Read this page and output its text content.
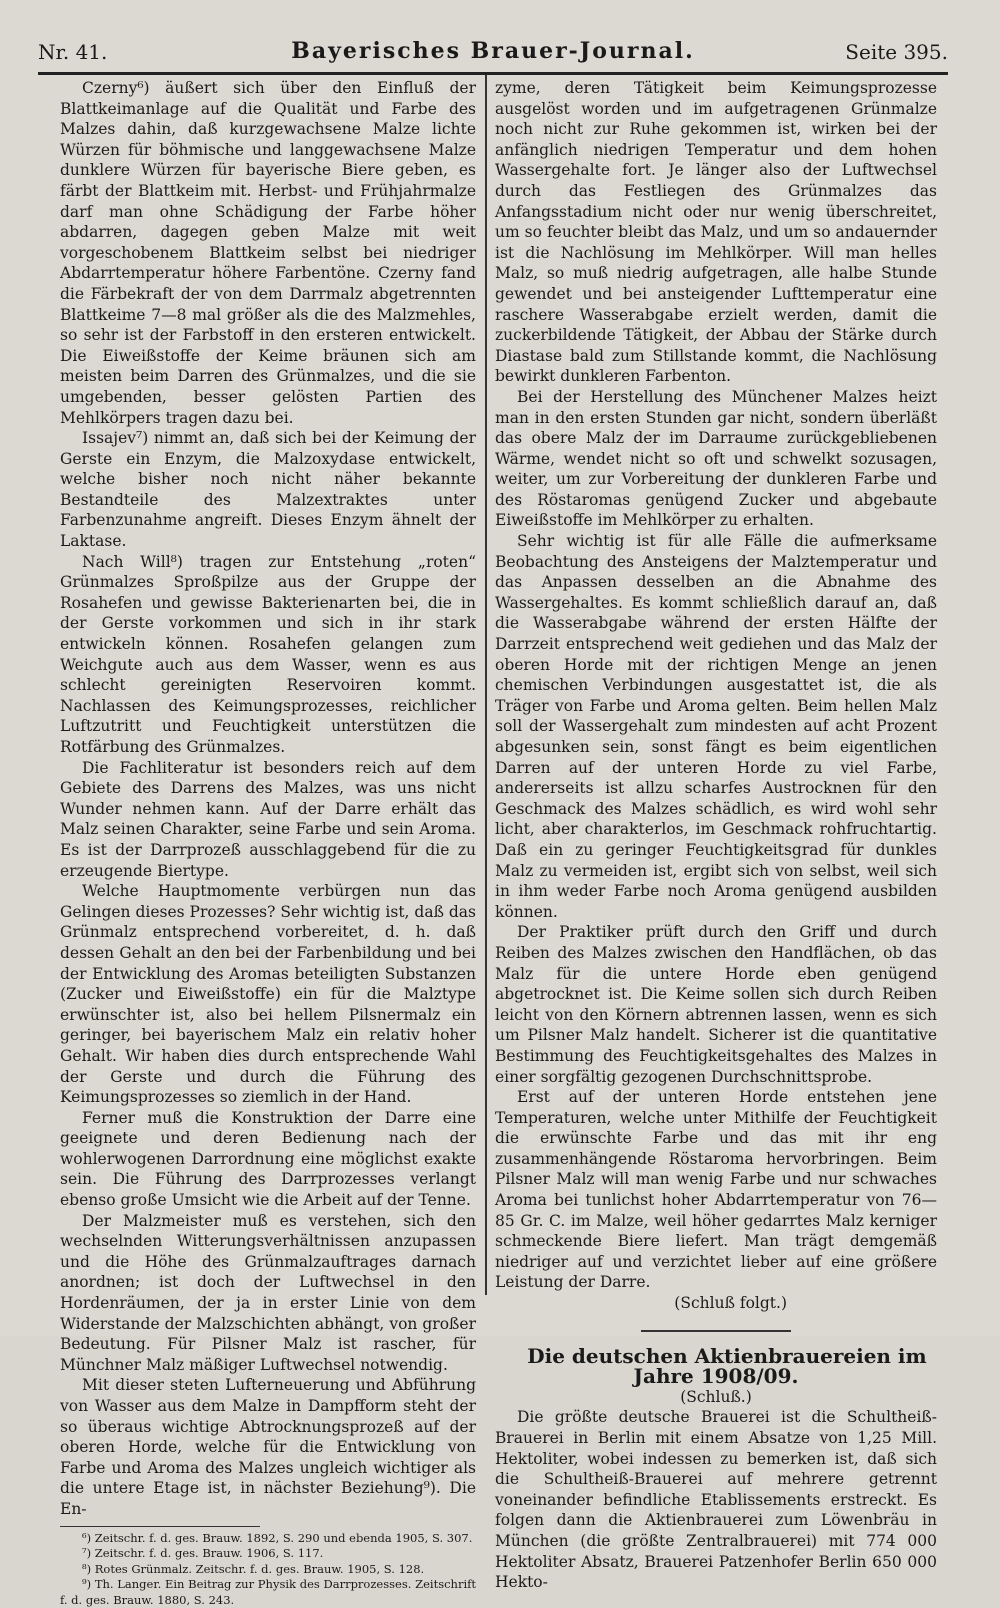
Nr. 41.	Bayerisches Brauer-Journal.	Seite 395.

Czerny⁶) äußert sich über den Einfluß der Blattkeimanlage auf die Qualität und Farbe des Malzes dahin, daß kurzgewachsene Malze lichte Würzen für böhmische und langgewachsene Malze dunklere Würzen für bayerische Biere geben, es färbt der Blattkeim mit. Herbst- und Frühjahrmalze darf man ohne Schädigung der Farbe höher abdarren, dagegen geben Malze mit weit vorgeschobenem Blattkeim selbst bei niedriger Abdarrtemperatur höhere Farbentöne. Czerny fand die Färbekraft der von dem Darrmalz abgetrennten Blattkeime 7—8 mal größer als die des Malzmehles, so sehr ist der Farbstoff in den ersteren entwickelt. Die Eiweißstoffe der Keime bräunen sich am meisten beim Darren des Grünmalzes, und die sie umgebenden, besser gelösten Partien des Mehlkörpers tragen dazu bei.

Issajev⁷) nimmt an, daß sich bei der Keimung der Gerste ein Enzym, die Malzoxydase entwickelt, welche bisher noch nicht näher bekannte Bestandteile des Malzextraktes unter Farbenzunahme angreift. Dieses Enzym ähnelt der Laktase.

Nach Will⁸) tragen zur Entstehung „roten“ Grünmalzes Sproßpilze aus der Gruppe der Rosahefen und gewisse Bakterienarten bei, die in der Gerste vorkommen und sich in ihr stark entwickeln können. Rosahefen gelangen zum Weichgute auch aus dem Wasser, wenn es aus schlecht gereinigten Reservoiren kommt. Nachlassen des Keimungsprozesses, reichlicher Luftzutritt und Feuchtigkeit unterstützen die Rotfärbung des Grünmalzes.

Die Fachliteratur ist besonders reich auf dem Gebiete des Darrens des Malzes, was uns nicht Wunder nehmen kann. Auf der Darre erhält das Malz seinen Charakter, seine Farbe und sein Aroma. Es ist der Darrprozeß ausschlaggebend für die zu erzeugende Biertype.

Welche Hauptmomente verbürgen nun das Gelingen dieses Prozesses? Sehr wichtig ist, daß das Grünmalz entsprechend vorbereitet, d. h. daß dessen Gehalt an den bei der Farbenbildung und bei der Entwicklung des Aromas beteiligten Substanzen (Zucker und Eiweißstoffe) ein für die Malztype erwünschter ist, also bei hellem Pilsnermalz ein geringer, bei bayerischem Malz ein relativ hoher Gehalt. Wir haben dies durch entsprechende Wahl der Gerste und durch die Führung des Keimungsprozesses so ziemlich in der Hand.

Ferner muß die Konstruktion der Darre eine geeignete und deren Bedienung nach der wohlerwogenen Darrordnung eine möglichst exakte sein. Die Führung des Darrprozesses verlangt ebenso große Umsicht wie die Arbeit auf der Tenne.

Der Malzmeister muß es verstehen, sich den wechselnden Witterungsverhältnissen anzupassen und die Höhe des Grünmalzauftrages darnach anordnen; ist doch der Luftwechsel in den Hordenräumen, der ja in erster Linie von dem Widerstande der Malzschichten abhängt, von großer Bedeutung. Für Pilsner Malz ist rascher, für Münchner Malz mäßiger Luftwechsel notwendig.

Mit dieser steten Lufterneuerung und Abführung von Wasser aus dem Malze in Dampfform steht der so überaus wichtige Abtrocknungsprozeß auf der oberen Horde, welche für die Entwicklung von Farbe und Aroma des Malzes ungleich wichtiger als die untere Etage ist, in nächster Beziehung⁹). Die En-

⁶) Zeitschr. f. d. ges. Brauw. 1892, S. 290 und ebenda 1905, S. 307.

⁷) Zeitschr. f. d. ges. Brauw. 1906, S. 117.

⁸) Rotes Grünmalz. Zeitschr. f. d. ges. Brauw. 1905, S. 128.

⁹) Th. Langer. Ein Beitrag zur Physik des Darrprozesses. Zeitschrift f. d. ges. Brauw. 1880, S. 243.

zyme, deren Tätigkeit beim Keimungsprozesse ausgelöst worden und im aufgetragenen Grünmalze noch nicht zur Ruhe gekommen ist, wirken bei der anfänglich niedrigen Temperatur und dem hohen Wassergehalte fort. Je länger also der Luftwechsel durch das Festliegen des Grünmalzes das Anfangsstadium nicht oder nur wenig überschreitet, um so feuchter bleibt das Malz, und um so andauernder ist die Nachlösung im Mehlkörper. Will man helles Malz, so muß niedrig aufgetragen, alle halbe Stunde gewendet und bei ansteigender Lufttemperatur eine raschere Wasserabgabe erzielt werden, damit die zuckerbildende Tätigkeit, der Abbau der Stärke durch Diastase bald zum Stillstande kommt, die Nachlösung bewirkt dunkleren Farbenton.

Bei der Herstellung des Münchener Malzes heizt man in den ersten Stunden gar nicht, sondern überläßt das obere Malz der im Darraume zurückgebliebenen Wärme, wendet nicht so oft und schwelkt sozusagen, weiter, um zur Vorbereitung der dunkleren Farbe und des Röstaromas genügend Zucker und abgebaute Eiweißstoffe im Mehlkörper zu erhalten.

Sehr wichtig ist für alle Fälle die aufmerksame Beobachtung des Ansteigens der Malztemperatur und das Anpassen desselben an die Abnahme des Wassergehaltes. Es kommt schließlich darauf an, daß die Wasserabgabe während der ersten Hälfte der Darrzeit entsprechend weit gediehen und das Malz der oberen Horde mit der richtigen Menge an jenen chemischen Verbindungen ausgestattet ist, die als Träger von Farbe und Aroma gelten. Beim hellen Malz soll der Wassergehalt zum mindesten auf acht Prozent abgesunken sein, sonst fängt es beim eigentlichen Darren auf der unteren Horde zu viel Farbe, andererseits ist allzu scharfes Austrocknen für den Geschmack des Malzes schädlich, es wird wohl sehr licht, aber charakterlos, im Geschmack rohfruchtartig. Daß ein zu geringer Feuchtigkeitsgrad für dunkles Malz zu vermeiden ist, ergibt sich von selbst, weil sich in ihm weder Farbe noch Aroma genügend ausbilden können.

Der Praktiker prüft durch den Griff und durch Reiben des Malzes zwischen den Handflächen, ob das Malz für die untere Horde eben genügend abgetrocknet ist. Die Keime sollen sich durch Reiben leicht von den Körnern abtrennen lassen, wenn es sich um Pilsner Malz handelt. Sicherer ist die quantitative Bestimmung des Feuchtigkeitsgehaltes des Malzes in einer sorgfältig gezogenen Durchschnittsprobe.

Erst auf der unteren Horde entstehen jene Temperaturen, welche unter Mithilfe der Feuchtigkeit die erwünschte Farbe und das mit ihr eng zusammenhängende Röstaroma hervorbringen. Beim Pilsner Malz will man wenig Farbe und nur schwaches Aroma bei tunlichst hoher Abdarrtemperatur von 76—85 Gr. C. im Malze, weil höher gedarrtes Malz kerniger schmeckende Biere liefert. Man trägt demgemäß niedriger auf und verzichtet lieber auf eine größere Leistung der Darre.

(Schluß folgt.)

Die deutschen Aktienbrauereien im Jahre 1908/09.

(Schluß.)

Die größte deutsche Brauerei ist die Schultheiß-Brauerei in Berlin mit einem Absatze von 1,25 Mill. Hektoliter, wobei indessen zu bemerken ist, daß sich die Schultheiß-Brauerei auf mehrere getrennt voneinander befindliche Etablissements erstreckt. Es folgen dann die Aktienbrauerei zum Löwenbräu in München (die größte Zentralbrauerei) mit 774 000 Hektoliter Absatz, Brauerei Patzenhofer Berlin 650 000 Hekto-
